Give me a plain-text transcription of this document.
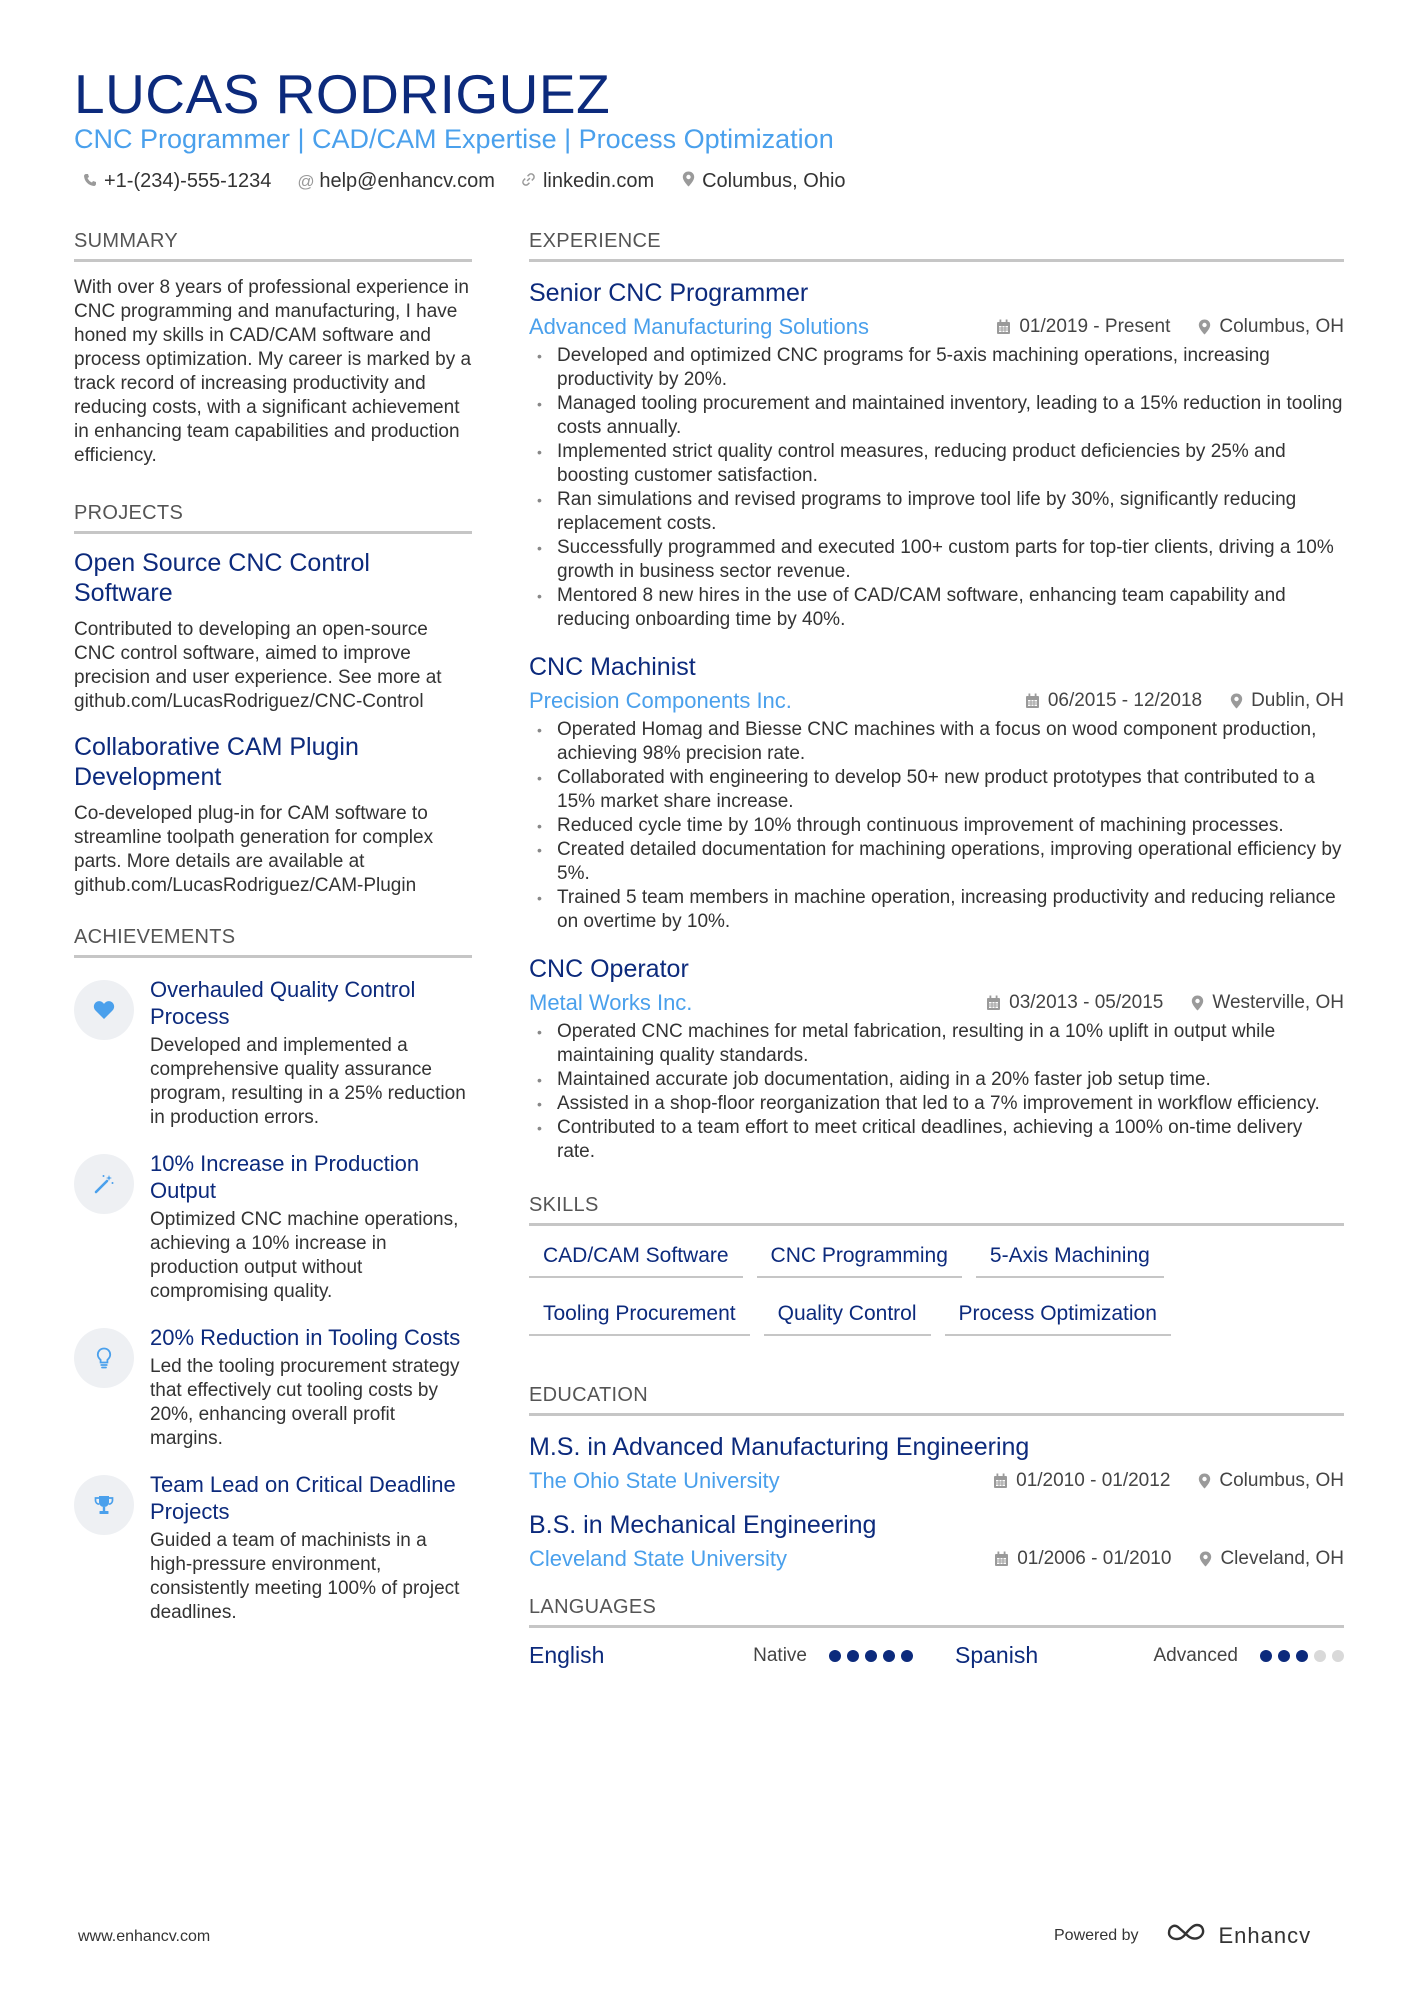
LUCAS RODRIGUEZ
CNC Programmer | CAD/CAM Expertise | Process Optimization
+1-(234)-555-1234 @ help@enhancv.com linkedin.com Columbus, Ohio
SUMMARY

With over 8 years of professional experience in CNC programming and manufacturing, I have honed my skills in CAD/CAM software and process optimization. My career is marked by a track record of increasing productivity and reducing costs, with a significant achievement in enhancing team capabilities and production efficiency.

PROJECTS
Open Source CNC Control Software

Contributed to developing an open-source CNC control software, aimed to improve precision and user experience. See more at github.com/LucasRodriguez/CNC-Control

Collaborative CAM Plugin Development

Co-developed plug-in for CAM software to streamline toolpath generation for complex parts. More details are available at github.com/LucasRodriguez/CAM-Plugin

ACHIEVEMENTS
Overhauled Quality Control Process

Developed and implemented a comprehensive quality assurance program, resulting in a 25% reduction in production errors.

10% Increase in Production Output

Optimized CNC machine operations, achieving a 10% increase in production output without compromising quality.

20% Reduction in Tooling Costs

Led the tooling procurement strategy that effectively cut tooling costs by 20%, enhancing overall profit margins.

Team Lead on Critical Deadline Projects

Guided a team of machinists in a high-pressure environment, consistently meeting 100% of project deadlines.

EXPERIENCE
Senior CNC Programmer
Advanced Manufacturing Solutions	01/2019 - Present	Columbus, OH
• Developed and optimized CNC programs for 5-axis machining operations, increasing productivity by 20%.
• Managed tooling procurement and maintained inventory, leading to a 15% reduction in tooling costs annually.
• Implemented strict quality control measures, reducing product deficiencies by 25% and boosting customer satisfaction.
• Ran simulations and revised programs to improve tool life by 30%, significantly reducing replacement costs.
• Successfully programmed and executed 100+ custom parts for top-tier clients, driving a 10% growth in business sector revenue.
• Mentored 8 new hires in the use of CAD/CAM software, enhancing team capability and reducing onboarding time by 40%.
CNC Machinist
Precision Components Inc.	06/2015 - 12/2018	Dublin, OH
• Operated Homag and Biesse CNC machines with a focus on wood component production, achieving 98% precision rate.
• Collaborated with engineering to develop 50+ new product prototypes that contributed to a 15% market share increase.
• Reduced cycle time by 10% through continuous improvement of machining processes.
• Created detailed documentation for machining operations, improving operational efficiency by 5%.
• Trained 5 team members in machine operation, increasing productivity and reducing reliance on overtime by 10%.
CNC Operator
Metal Works Inc.	03/2013 - 05/2015	Westerville, OH
• Operated CNC machines for metal fabrication, resulting in a 10% uplift in output while maintaining quality standards.
• Maintained accurate job documentation, aiding in a 20% faster job setup time.
• Assisted in a shop-floor reorganization that led to a 7% improvement in workflow efficiency.
• Contributed to a team effort to meet critical deadlines, achieving a 100% on-time delivery rate.
SKILLS
CAD/CAM Software	CNC Programming	5-Axis Machining
Tooling Procurement	Quality Control	Process Optimization
EDUCATION
M.S. in Advanced Manufacturing Engineering
The Ohio State University	01/2010 - 01/2012	Columbus, OH
B.S. in Mechanical Engineering
Cleveland State University	01/2006 - 01/2010	Cleveland, OH
LANGUAGES
English	Native	Spanish	Advanced
www.enhancv.com	Powered by	Enhancv
